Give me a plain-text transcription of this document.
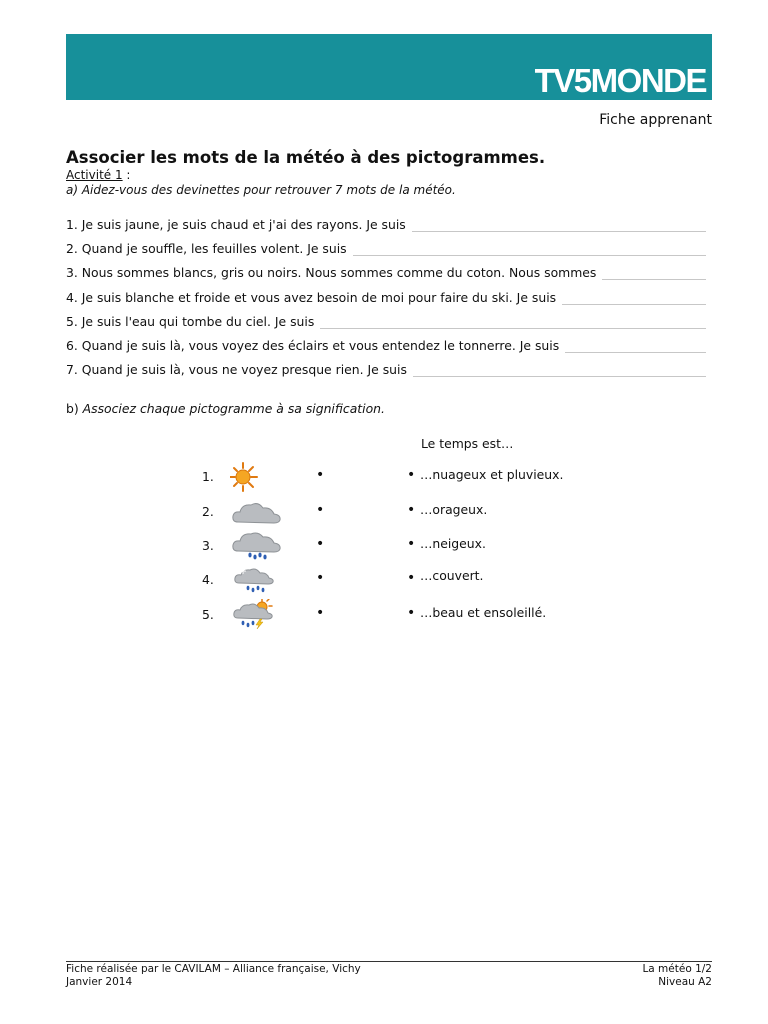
TV5MONDE
Fiche apprenant
Associer les mots de la météo à des pictogrammes.
Activité 1 :
a) Aidez-vous des devinettes pour retrouver 7 mots de la météo.
1. Je suis jaune, je suis chaud et j'ai des rayons. Je suis
2. Quand je souffle, les feuilles volent. Je suis
3. Nous sommes blancs, gris ou noirs. Nous sommes comme du coton. Nous sommes
4. Je suis blanche et froide et vous avez besoin de moi pour faire du ski. Je suis
5. Je suis l'eau qui tombe du ciel. Je suis
6. Quand je suis là, vous voyez des éclairs et vous entendez le tonnerre. Je suis
7. Quand je suis là, vous ne voyez presque rien. Je suis
b) Associez chaque pictogramme à sa signification.
Le temps est…
1.	•	• …nuageux et pluvieux.
2.	•	• …orageux.
3.	•	• …neigeux.
4.	•	• …couvert.
5.	•	• …beau et ensoleillé.
Fiche réalisée par le CAVILAM – Alliance française, Vichy
Janvier 2014
La météo 1/2
Niveau A2
